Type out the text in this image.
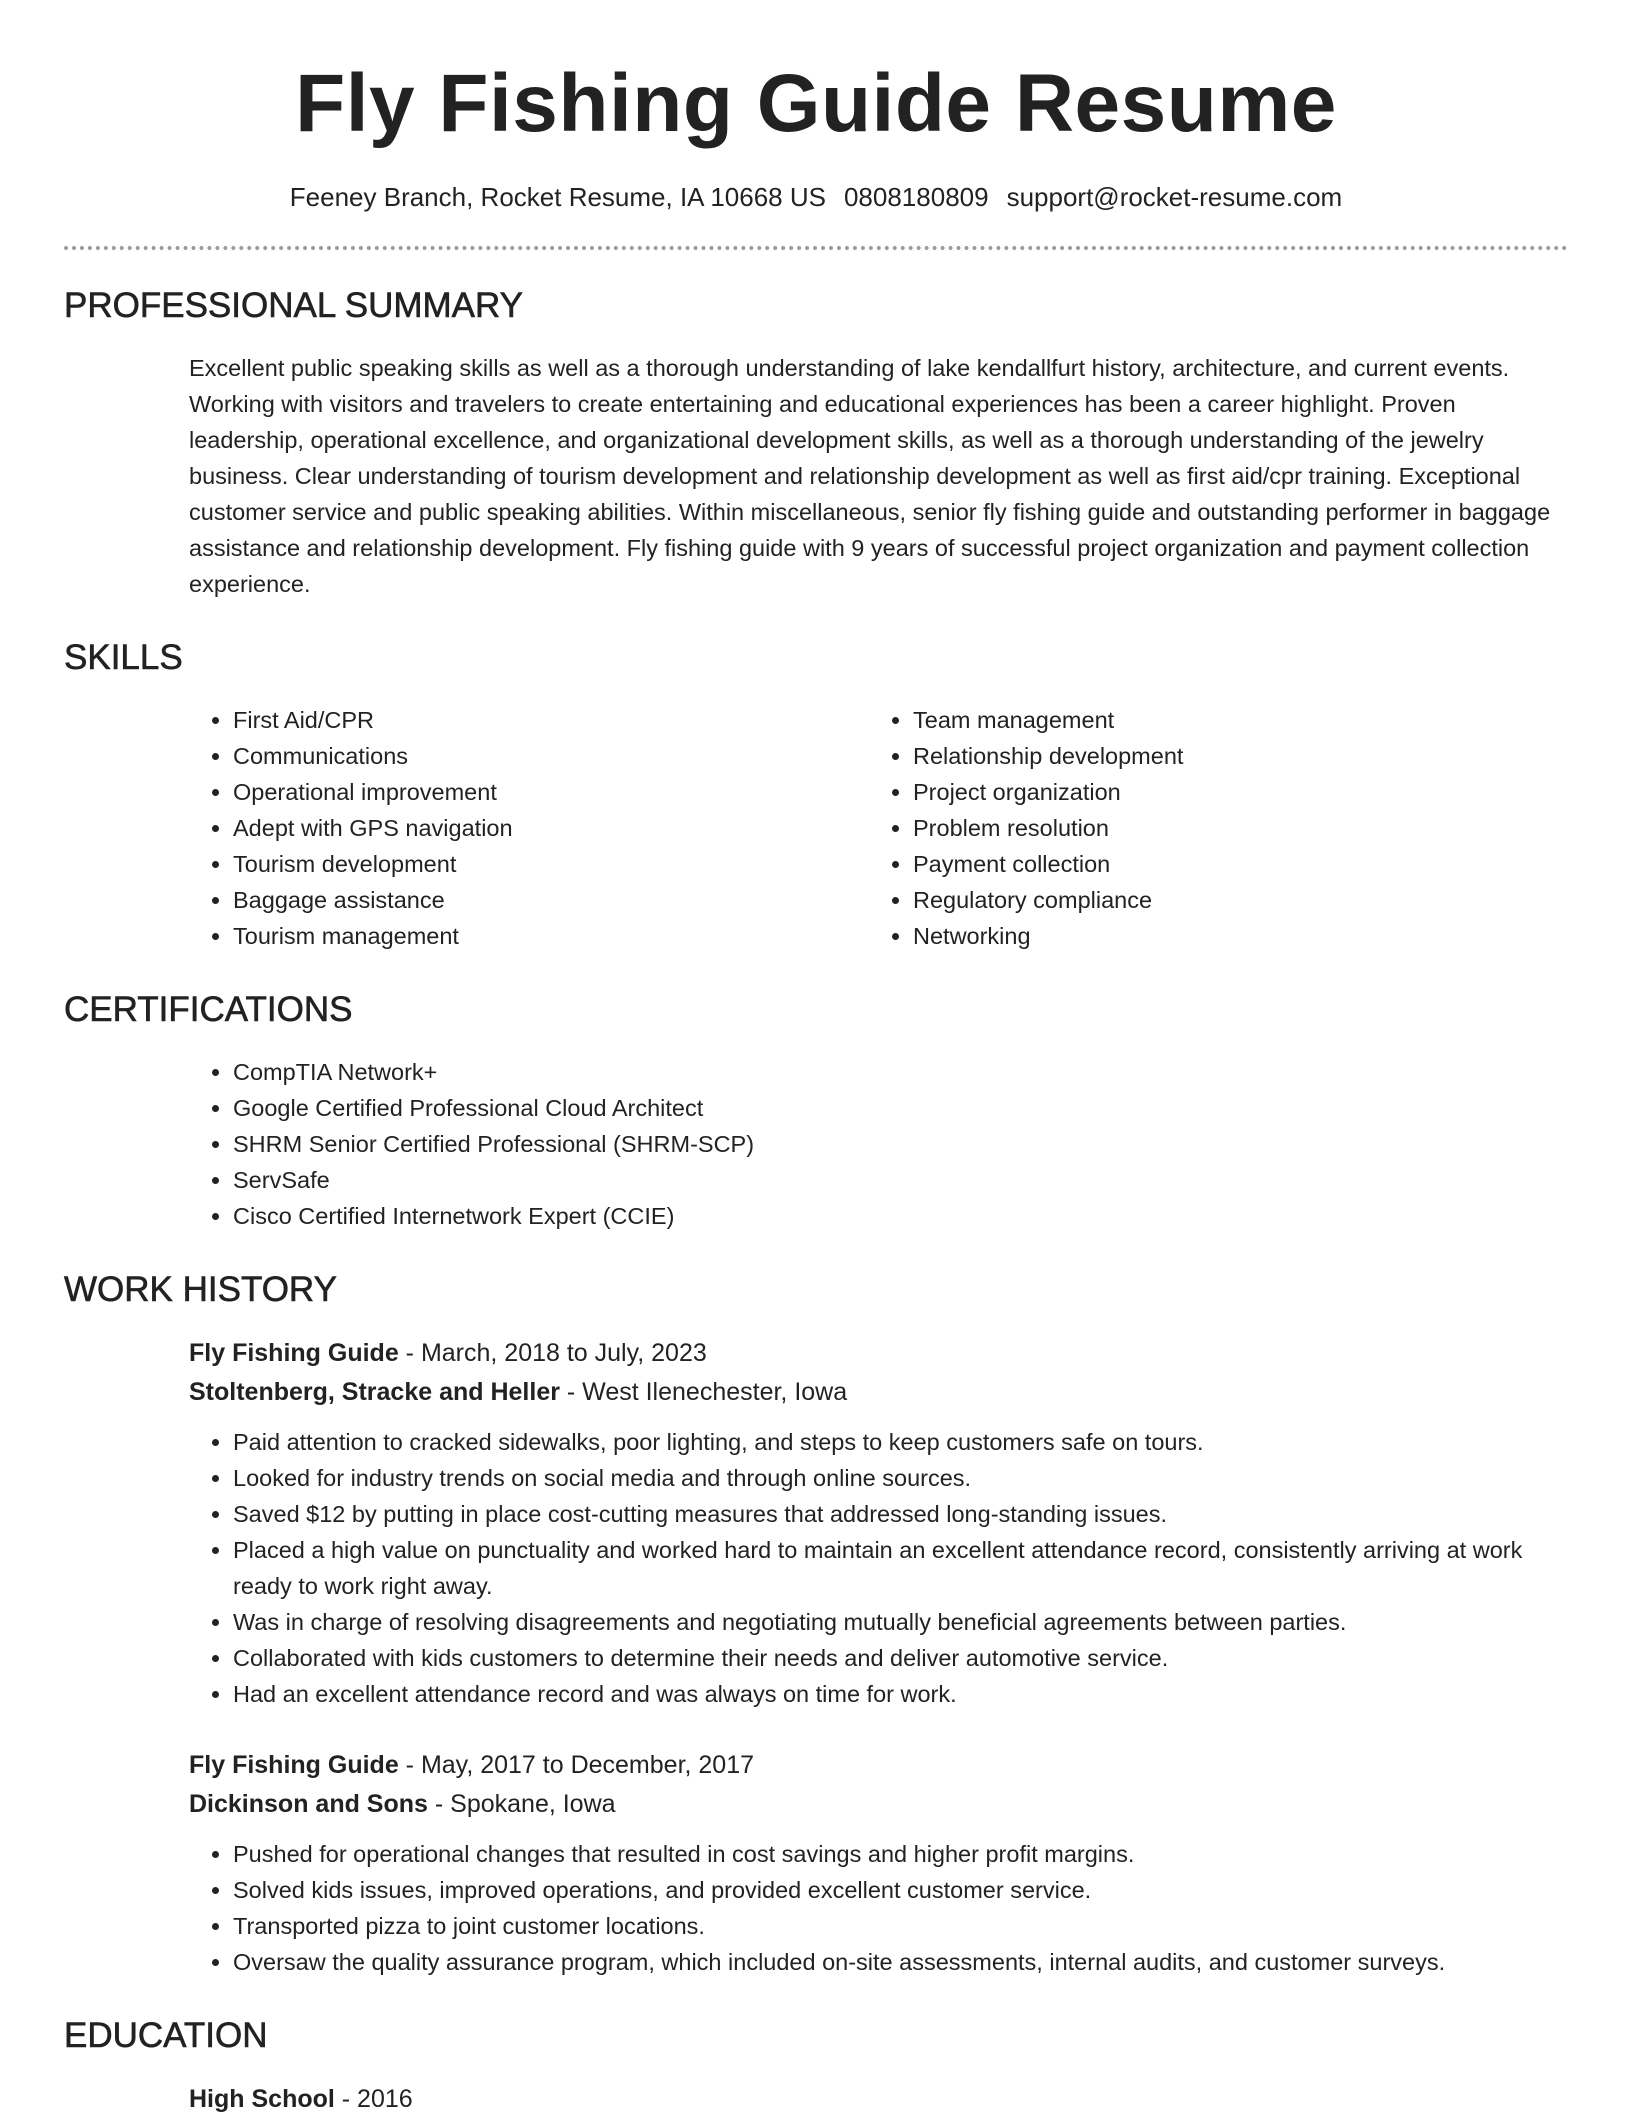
Fly Fishing Guide Resume
Feeney Branch, Rocket Resume, IA 10668 US 0808180809 support@rocket-resume.com
PROFESSIONAL SUMMARY

Excellent public speaking skills as well as a thorough understanding of lake kendallfurt history, architecture, and current events. Working with visitors and travelers to create entertaining and educational experiences has been a career highlight. Proven leadership, operational excellence, and organizational development skills, as well as a thorough understanding of the jewelry business. Clear understanding of tourism development and relationship development as well as first aid/cpr training. Exceptional customer service and public speaking abilities. Within miscellaneous, senior fly fishing guide and outstanding performer in baggage assistance and relationship development. Fly fishing guide with 9 years of successful project organization and payment collection experience.

SKILLS
• First Aid/CPR
• Communications
• Operational improvement
• Adept with GPS navigation
• Tourism development
• Baggage assistance
• Tourism management
• Team management
• Relationship development
• Project organization
• Problem resolution
• Payment collection
• Regulatory compliance
• Networking
CERTIFICATIONS
• CompTIA Network+
• Google Certified Professional Cloud Architect
• SHRM Senior Certified Professional (SHRM-SCP)
• ServSafe
• Cisco Certified Internetwork Expert (CCIE)
WORK HISTORY
Fly Fishing Guide - March, 2018 to July, 2023
Stoltenberg, Stracke and Heller - West Ilenechester, Iowa
• Paid attention to cracked sidewalks, poor lighting, and steps to keep customers safe on tours.
• Looked for industry trends on social media and through online sources.
• Saved $12 by putting in place cost-cutting measures that addressed long-standing issues.
• Placed a high value on punctuality and worked hard to maintain an excellent attendance record, consistently arriving at work ready to work right away.
• Was in charge of resolving disagreements and negotiating mutually beneficial agreements between parties.
• Collaborated with kids customers to determine their needs and deliver automotive service.
• Had an excellent attendance record and was always on time for work.
Fly Fishing Guide - May, 2017 to December, 2017
Dickinson and Sons - Spokane, Iowa
• Pushed for operational changes that resulted in cost savings and higher profit margins.
• Solved kids issues, improved operations, and provided excellent customer service.
• Transported pizza to joint customer locations.
• Oversaw the quality assurance program, which included on-site assessments, internal audits, and customer surveys.
EDUCATION
High School - 2016
